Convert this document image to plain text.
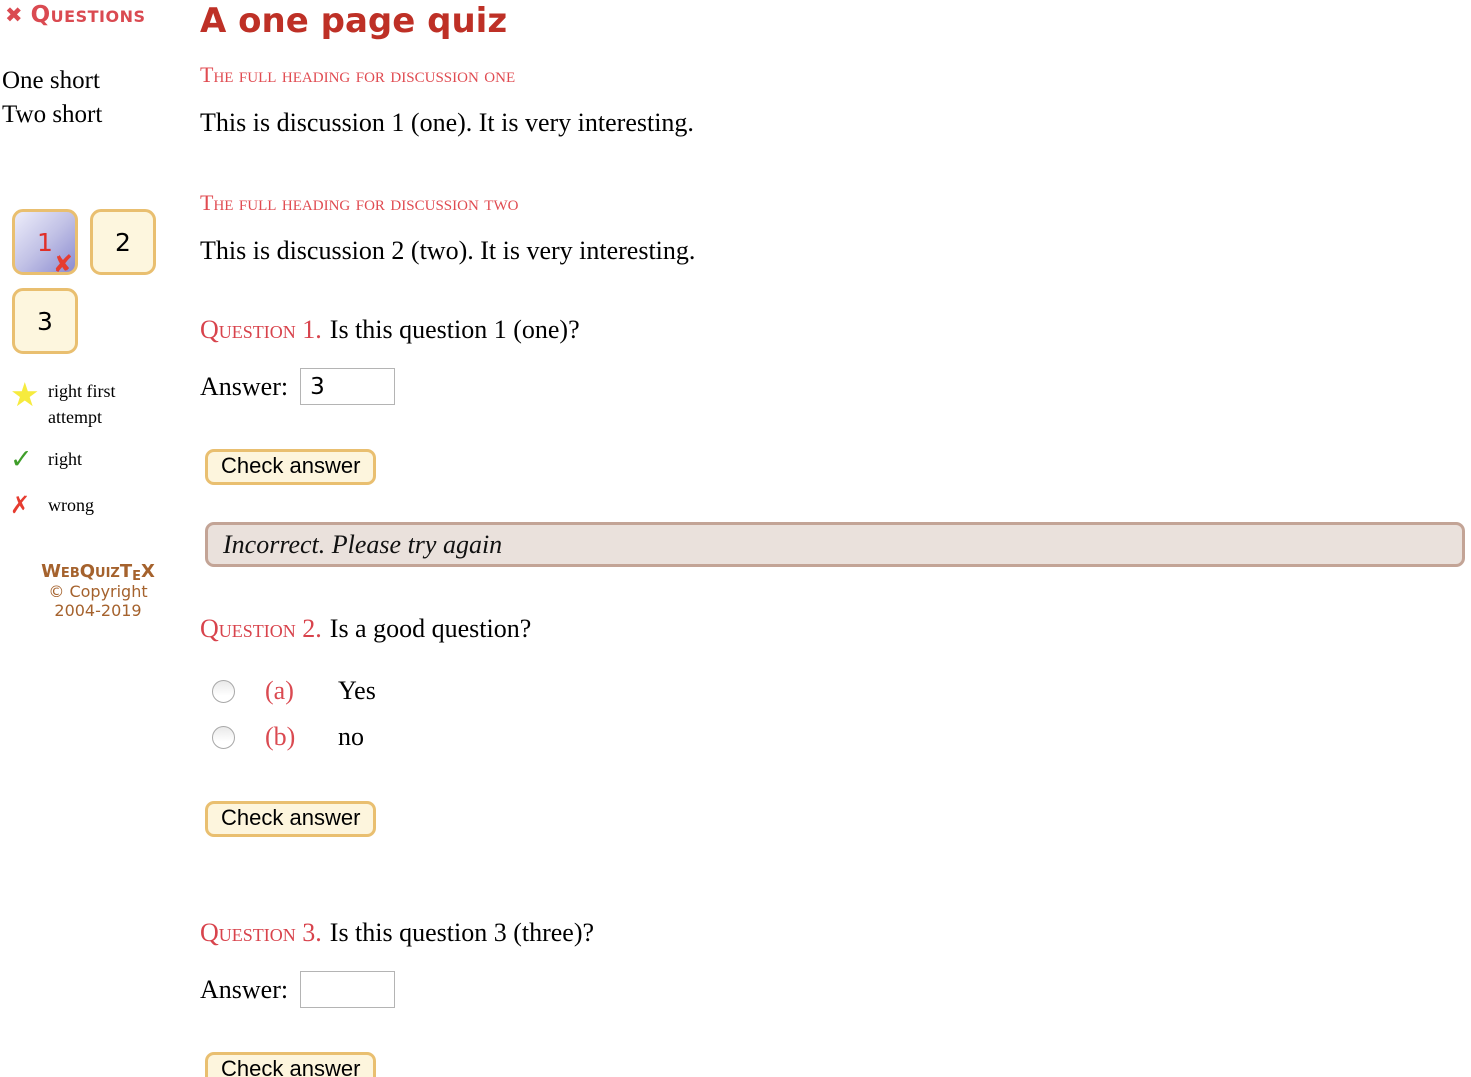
✖ Questions
One short
Two short
1
✘
2
3
★ right first attempt
✓ right
✗ wrong
WebQuizTeX
© Copyright
2004-2019
A one page quiz
The full heading for discussion one

This is discussion 1 (one). It is very interesting.

The full heading for discussion two

This is discussion 2 (two). It is very interesting.

Question 1. Is this question 1 (one)?

Answer:
3
Check answer
Incorrect. Please try again

Question 2. Is a good question?

(a)	Yes
(b)	no
Check answer

Question 3. Is this question 3 (three)?

Answer:
Check answer
